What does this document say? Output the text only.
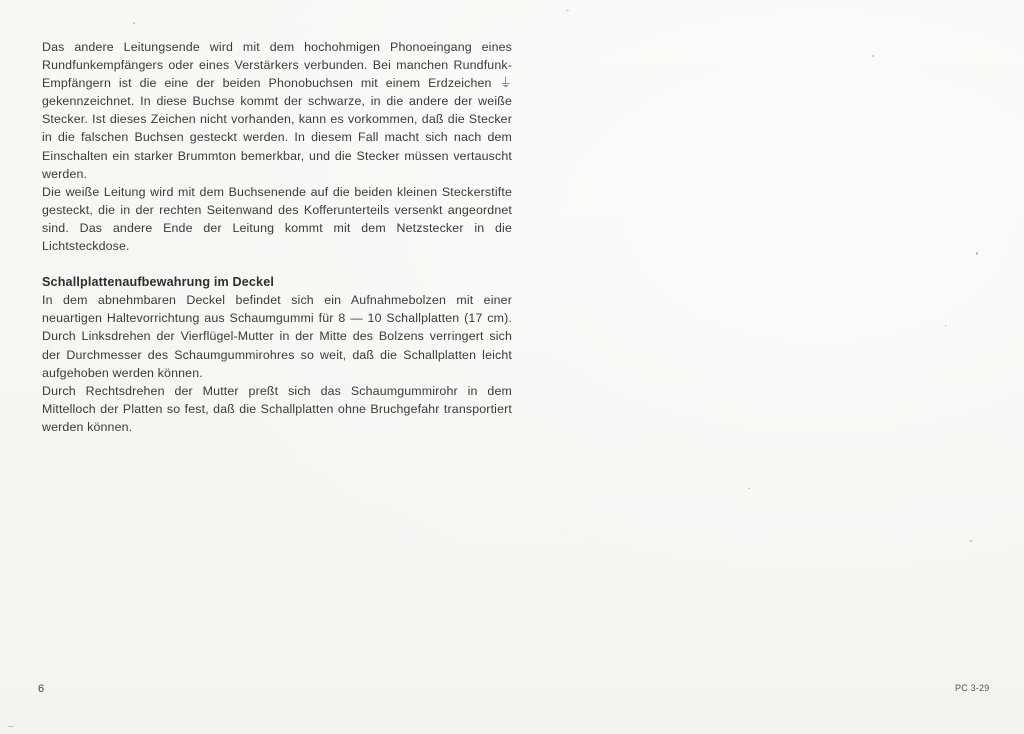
Das andere Leitungsende wird mit dem hochohmigen Phonoeingang eines Rundfunkempfängers oder eines Verstärkers verbunden. Bei manchen Rundfunk-Empfängern ist die eine der beiden Phonobuchsen mit einem Erdzeichen ⏚ gekennzeichnet. In diese Buchse kommt der schwarze, in die andere der weiße Stecker. Ist dieses Zeichen nicht vorhanden, kann es vorkommen, daß die Stecker in die falschen Buchsen gesteckt werden. In diesem Fall macht sich nach dem Einschalten ein starker Brummton bemerkbar, und die Stecker müssen vertauscht werden.

Die weiße Leitung wird mit dem Buchsenende auf die beiden kleinen Steckerstifte gesteckt, die in der rechten Seitenwand des Kofferunterteils versenkt angeordnet sind. Das andere Ende der Leitung kommt mit dem Netzstecker in die Lichtsteckdose.

Schallplattenaufbewahrung im Deckel

In dem abnehmbaren Deckel befindet sich ein Aufnahmebolzen mit einer neuartigen Haltevorrichtung aus Schaumgummi für 8 — 10 Schallplatten (17 cm). Durch Linksdrehen der Vierflügel-Mutter in der Mitte des Bolzens verringert sich der Durchmesser des Schaumgummirohres so weit, daß die Schallplatten leicht aufgehoben werden können.

Durch Rechtsdrehen der Mutter preßt sich das Schaumgummirohr in dem Mittelloch der Platten so fest, daß die Schallplatten ohne Bruchgefahr transportiert werden können.

6	PC 3-29
